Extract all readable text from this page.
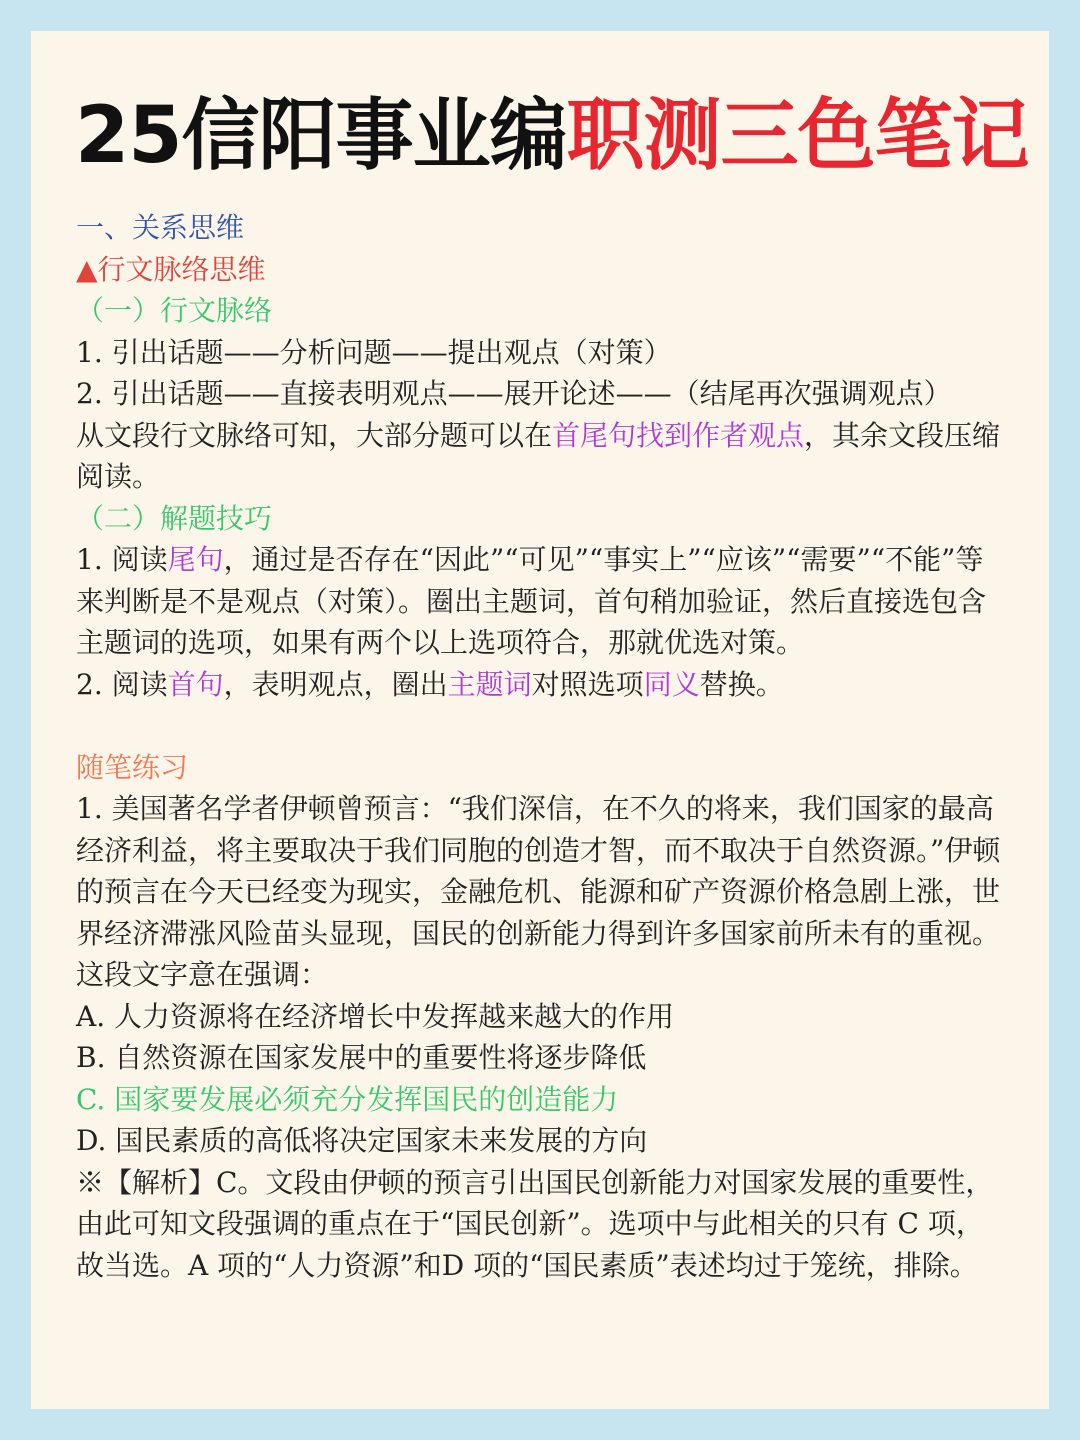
25信阳事业编职测三色笔记

一、关系思维

▲行文脉络思维

（一）行文脉络

1. 引出话题——分析问题——提出观点（对策）

2. 引出话题——直接表明观点——展开论述——（结尾再次强调观点）

从文段行文脉络可知，大部分题可以在首尾句找到作者观点，其余文段压缩阅读。

（二）解题技巧

1. 阅读尾句，通过是否存在“因此”“可见”“事实上”“应该”“需要”“不能”等来判断是不是观点（对策）。圈出主题词，首句稍加验证，然后直接选包含主题词的选项，如果有两个以上选项符合，那就优选对策。

2. 阅读首句，表明观点，圈出主题词对照选项同义替换。

随笔练习

1. 美国著名学者伊顿曾预言：“我们深信，在不久的将来，我们国家的最高经济利益，将主要取决于我们同胞的创造才智，而不取决于自然资源。”伊顿的预言在今天已经变为现实，金融危机、能源和矿产资源价格急剧上涨，世界经济滞涨风险苗头显现，国民的创新能力得到许多国家前所未有的重视。这段文字意在强调：

A. 人力资源将在经济增长中发挥越来越大的作用

B. 自然资源在国家发展中的重要性将逐步降低

C. 国家要发展必须充分发挥国民的创造能力

D. 国民素质的高低将决定国家未来发展的方向

※【解析】C。文段由伊顿的预言引出国民创新能力对国家发展的重要性，由此可知文段强调的重点在于“国民创新”。选项中与此相关的只有 C 项，故当选。A 项的“人力资源”和D 项的“国民素质”表述均过于笼统，排除。
